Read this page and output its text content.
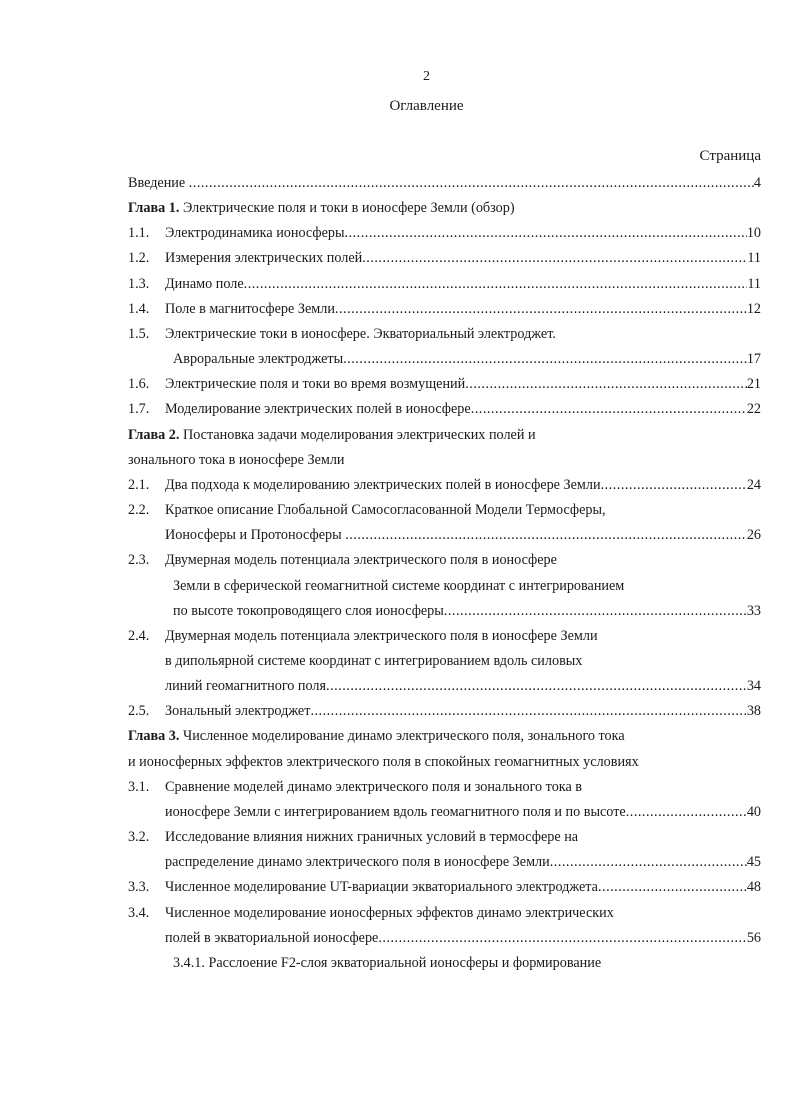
2
Оглавление
Страница
Введение .....	4
Глава 1. Электрические поля и токи в ионосфере Земли (обзор)
1.1.	Электродинамика ионосферы .....	10
1.2.	Измерения электрических полей .....	11
1.3.	Динамо поле .....	11
1.4.	Поле в магнитосфере Земли .....	12
1.5.	Электрические токи в ионосфере. Экваториальный электроджет.
Авроральные электроджеты .....	17
1.6.	Электрические поля и токи во время возмущений .....	21
1.7.	Моделирование электрических полей в ионосфере .....	22
Глава 2. Постановка задачи моделирования электрических полей и
зонального тока в ионосфере Земли
2.1.	Два подхода к моделированию электрических полей в ионосфере Земли .....	24
2.2.	Краткое описание Глобальной Самосогласованной Модели Термосферы,
Ионосферы и Протоносферы .....	26
2.3.	Двумерная модель потенциала электрического поля в ионосфере
Земли в сферической геомагнитной системе координат с интегрированием
по высоте токопроводящего слоя ионосферы .....	33
2.4.	Двумерная модель потенциала электрического поля в ионосфере Земли
в дипольярной системе координат с интегрированием вдоль силовых
линий геомагнитного поля .....	34
2.5.	Зональный электроджет .....	38
Глава 3. Численное моделирование динамо электрического поля, зонального тока
и ионосферных эффектов электрического поля в спокойных геомагнитных условиях
3.1.	Сравнение моделей динамо электрического поля и зонального тока в
ионосфере Земли с интегрированием вдоль геомагнитного поля и по высоте .....	40
3.2.	Исследование влияния нижних граничных условий в термосфере на
распределение динамо электрического поля в ионосфере Земли .....	45
3.3.	Численное моделирование UT-вариации экваториального электроджета .....	48
3.4.	Численное моделирование ионосферных эффектов динамо электрических
полей в экваториальной ионосфере .....	56
3.4.1. Расслоение F2-слоя экваториальной ионосферы и формирование
